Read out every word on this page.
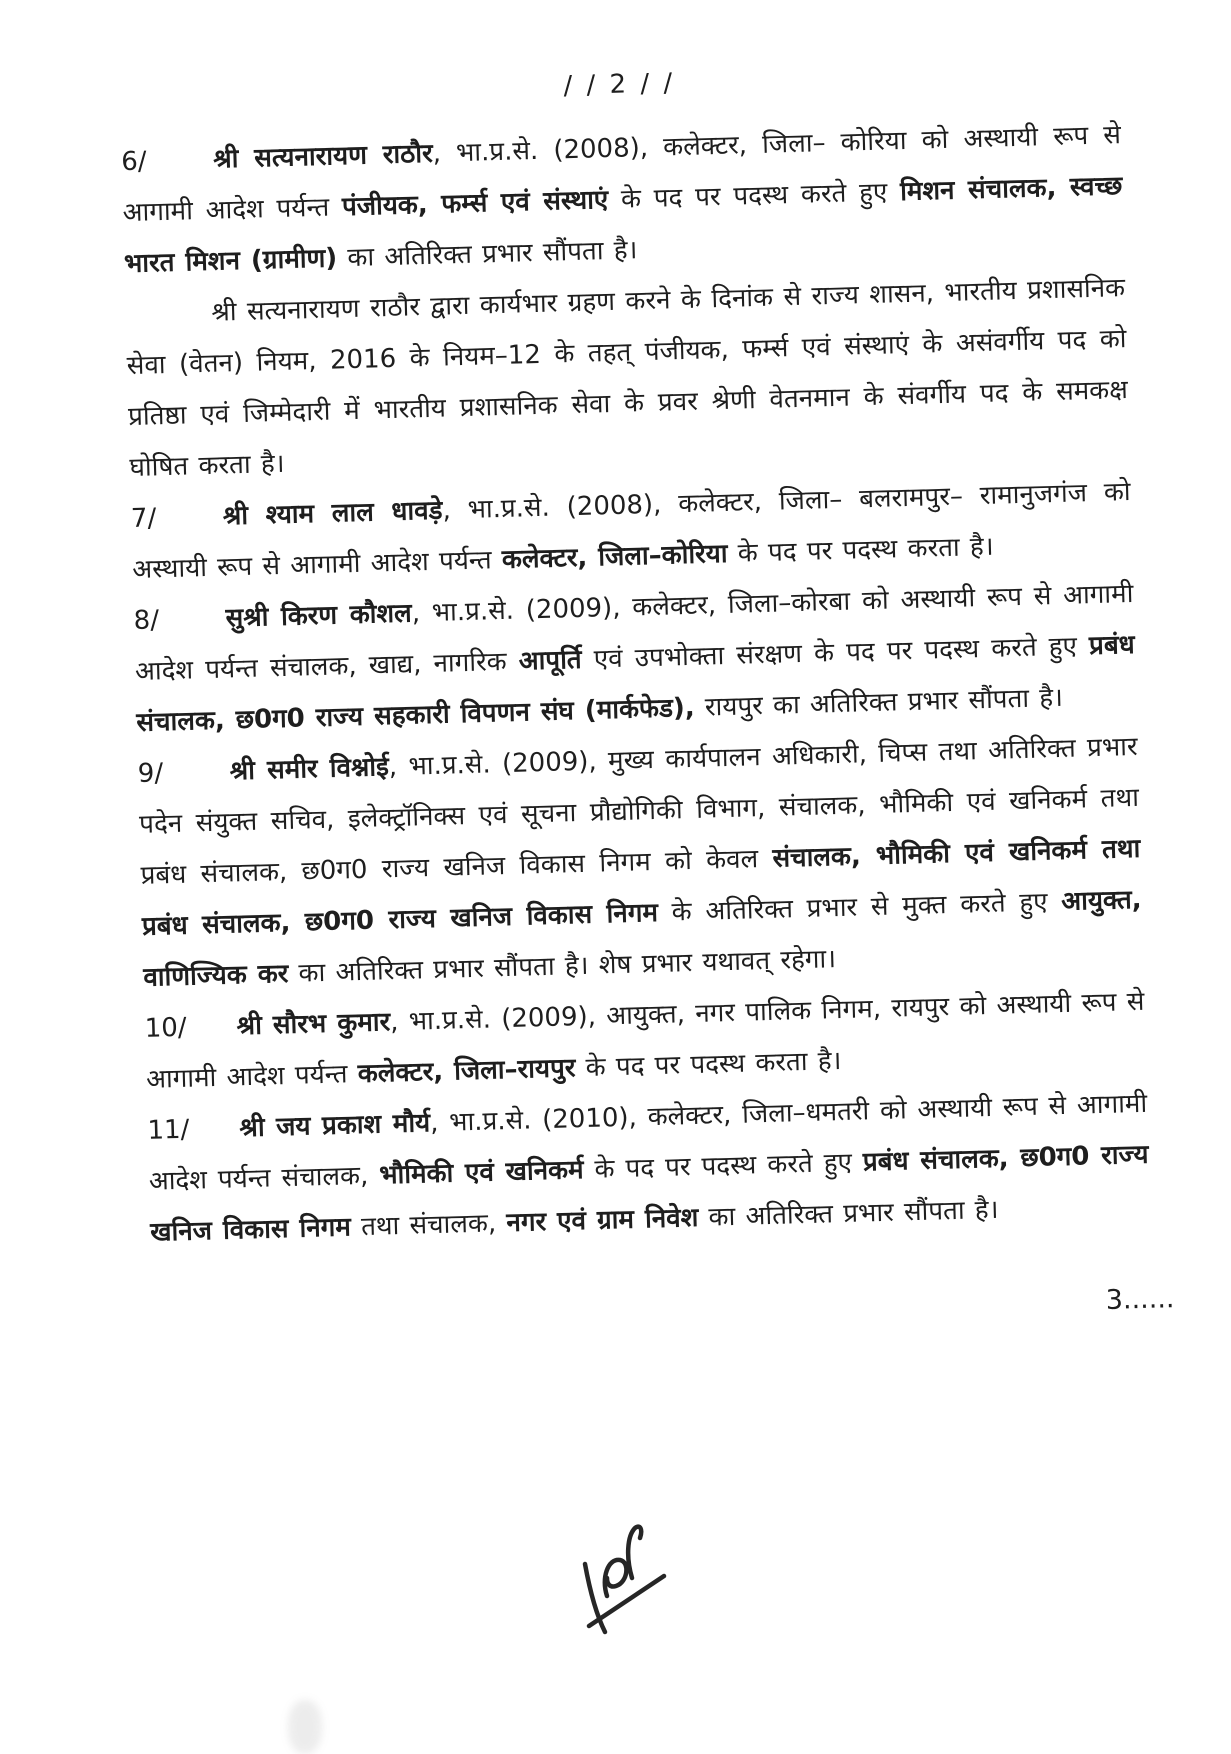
/ / 2 / /

6/	श्री सत्यनारायण राठौर, भा.प्र.से. (2008), कलेक्टर, जिला– कोरिया को अस्थायी रूप से आगामी आदेश पर्यन्त पंजीयक, फर्म्स एवं संस्थाएं के पद पर पदस्थ करते हुए मिशन संचालक, स्वच्छ भारत मिशन (ग्रामीण) का अतिरिक्त प्रभार सौंपता है।

श्री सत्यनारायण राठौर द्वारा कार्यभार ग्रहण करने के दिनांक से राज्य शासन, भारतीय प्रशासनिक सेवा (वेतन) नियम, 2016 के नियम–12 के तहत् पंजीयक, फर्म्स एवं संस्थाएं के असंवर्गीय पद को प्रतिष्ठा एवं जिम्मेदारी में भारतीय प्रशासनिक सेवा के प्रवर श्रेणी वेतनमान के संवर्गीय पद के समकक्ष घोषित करता है।

7/	श्री श्याम लाल धावड़े, भा.प्र.से. (2008), कलेक्टर, जिला– बलरामपुर– रामानुजगंज को अस्थायी रूप से आगामी आदेश पर्यन्त कलेक्टर, जिला–कोरिया के पद पर पदस्थ करता है।

8/	सुश्री किरण कौशल, भा.प्र.से. (2009), कलेक्टर, जिला–कोरबा को अस्थायी रूप से आगामी आदेश पर्यन्त संचालक, खाद्य, नागरिक आपूर्ति एवं उपभोक्ता संरक्षण के पद पर पदस्थ करते हुए प्रबंध संचालक, छ0ग0 राज्य सहकारी विपणन संघ (मार्कफेड), रायपुर का अतिरिक्त प्रभार सौंपता है।

9/	श्री समीर विश्नोई, भा.प्र.से. (2009), मुख्य कार्यपालन अधिकारी, चिप्स तथा अतिरिक्त प्रभार पदेन संयुक्त सचिव, इलेक्ट्रॉनिक्स एवं सूचना प्रौद्योगिकी विभाग, संचालक, भौमिकी एवं खनिकर्म तथा प्रबंध संचालक, छ0ग0 राज्य खनिज विकास निगम को केवल संचालक, भौमिकी एवं खनिकर्म तथा प्रबंध संचालक, छ0ग0 राज्य खनिज विकास निगम के अतिरिक्त प्रभार से मुक्त करते हुए आयुक्त, वाणिज्यिक कर का अतिरिक्त प्रभार सौंपता है। शेष प्रभार यथावत् रहेगा।

10/ श्री सौरभ कुमार, भा.प्र.से. (2009), आयुक्त, नगर पालिक निगम, रायपुर को अस्थायी रूप से आगामी आदेश पर्यन्त कलेक्टर, जिला–रायपुर के पद पर पदस्थ करता है।

11/ श्री जय प्रकाश मौर्य, भा.प्र.से. (2010), कलेक्टर, जिला–धमतरी को अस्थायी रूप से आगामी आदेश पर्यन्त संचालक, भौमिकी एवं खनिकर्म के पद पर पदस्थ करते हुए प्रबंध संचालक, छ0ग0 राज्य खनिज विकास निगम तथा संचालक, नगर एवं ग्राम निवेश का अतिरिक्त प्रभार सौंपता है।

3......
